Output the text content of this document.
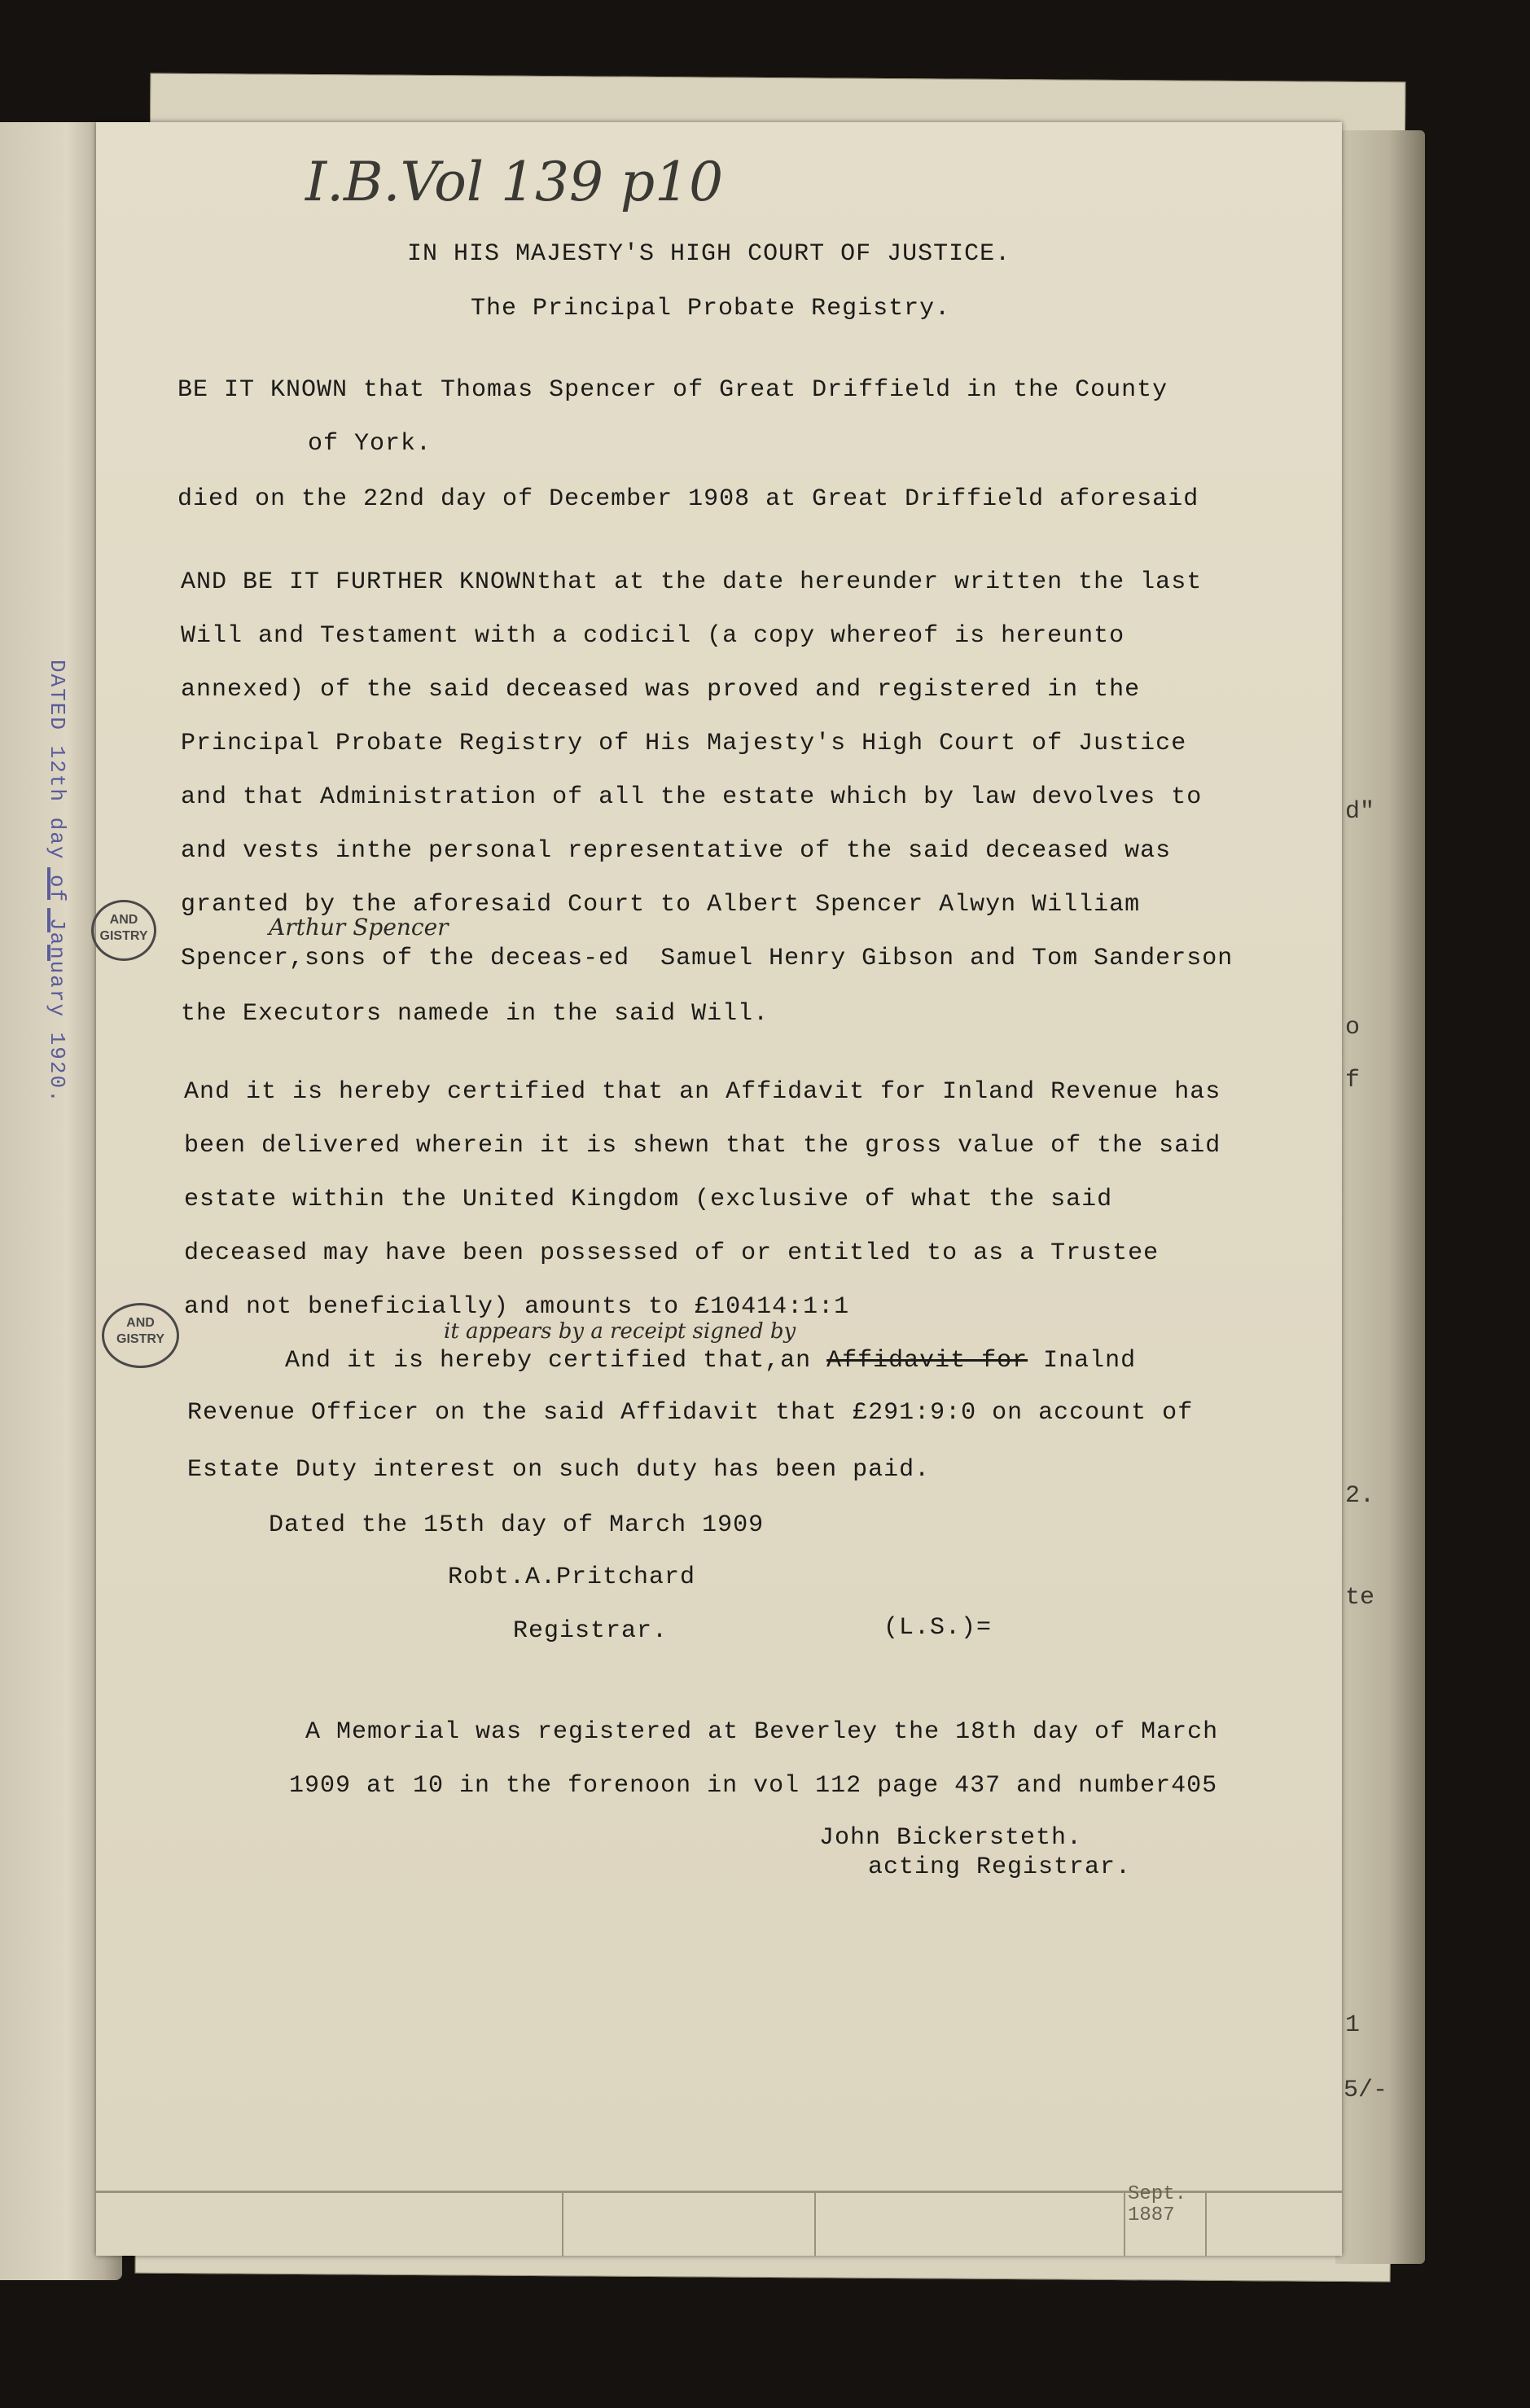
DATED 12th day of January 1920.	AND
GISTRY
AND
GISTRY
d"
o
f
2.
te
1
5/-
Sept.
1887
I.B.Vol 139 p10
IN HIS MAJESTY'S HIGH COURT OF JUSTICE.
The Principal Probate Registry.
BE IT KNOWN that Thomas Spencer of Great Driffield in the County
of York.
died on the 22nd day of December 1908 at Great Driffield aforesaid
AND BE IT FURTHER KNOWNthat at the date hereunder written the last
Will and Testament with a codicil (a copy whereof is hereunto
annexed) of the said deceased was proved and registered in the
Principal Probate Registry of His Majesty's High Court of Justice
and that Administration of all the estate which by law devolves to
and vests inthe personal representative of the said deceased was
granted by the aforesaid Court to Albert Spencer Alwyn William
Arthur Spencer
Spencer,sons of the deceas-ed  Samuel Henry Gibson and Tom Sanderson
the Executors namede in the said Will.
And it is hereby certified that an Affidavit for Inland Revenue has
been delivered wherein it is shewn that the gross value of the said
estate within the United Kingdom (exclusive of what the said
deceased may have been possessed of or entitled to as a Trustee
and not beneficially) amounts to £10414:1:1
it appears by a receipt signed by
And it is hereby certified that,an Affidavit for Inalnd
Revenue Officer on the said Affidavit that £291:9:0 on account of
Estate Duty interest on such duty has been paid.
Dated the 15th day of March 1909
Robt.A.Pritchard
Registrar.	(L.S.)=
A Memorial was registered at Beverley the 18th day of March
1909 at 10 in the forenoon in vol 112 page 437 and number405
John Bickersteth.
acting Registrar.
